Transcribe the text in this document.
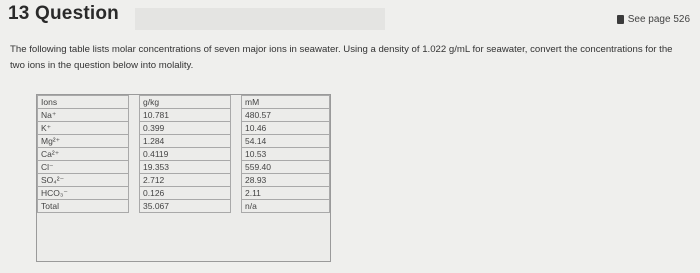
13 Question	See page 526
The following table lists molar concentrations of seven major ions in seawater. Using a density of 1.022 g/mL for seawater, convert the concentrations for the two ions in the question below into molality.
Ions		g/kg		mM
Na⁺		10.781		480.57
K⁺		0.399		10.46
Mg²⁺		1.284		54.14
Ca²⁺		0.4119		10.53
Cl⁻		19.353		559.40
SO₄²⁻		2.712		28.93
HCO₃⁻		0.126		2.11
Total		35.067		n/a
